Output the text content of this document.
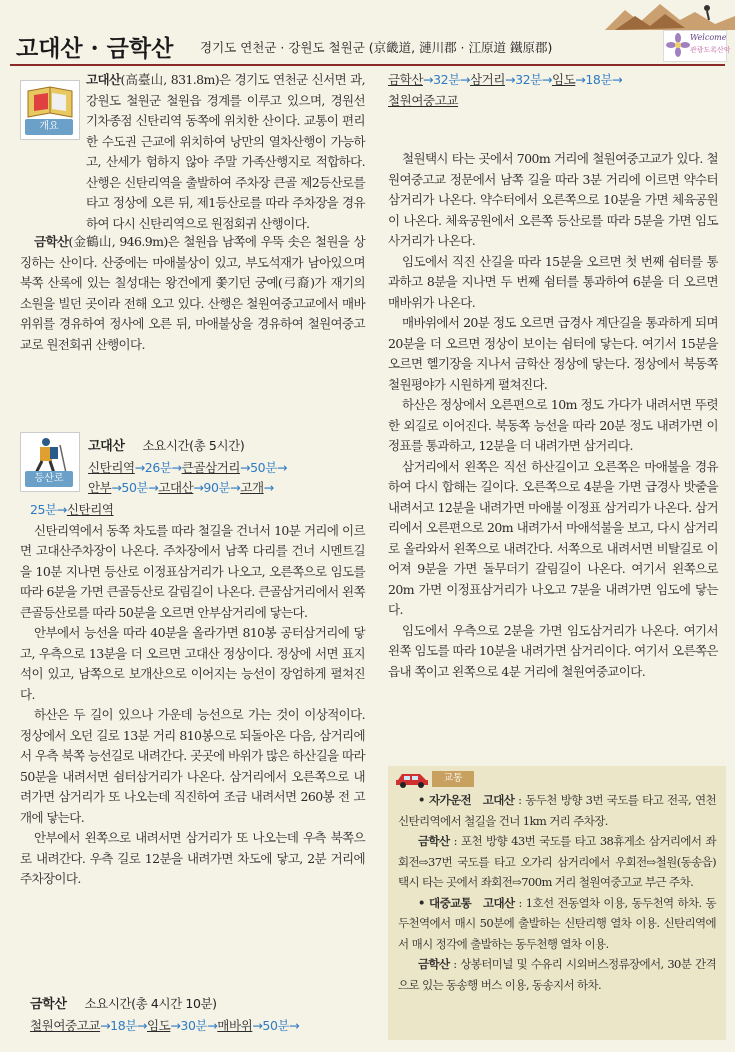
고대산 · 금학산 경기도 연천군 · 강원도 철원군 (京畿道, 漣川郡 · 江原道 鐵原郡)
Welcome
관광도록산악
개요

고대산(高臺山, 831.8m)은 경기도 연천군 신서면 과, 강원도 철원군 철원읍 경계를 이루고 있으며, 경원선 기차종점 신탄리역 동쪽에 위치한 산이다. 교통이 편리한 수도권 근교에 위치하여 낭만의 열차산행이 가능하고, 산세가 험하지 않아 주말 가족산행지로 적합하다. 산행은 신탄리역을 출발하여 주차장 큰골 제2등산로를 타고 정상에 오른 뒤, 제1등산로를 따라 주차장을 경유하여 다시 신탄리역으로 원점회귀 산행이다.

금학산(金鶴山, 946.9m)은 철원읍 남쪽에 우뚝 솟은 철원을 상징하는 산이다. 산중에는 마애불상이 있고, 부도석재가 남아있으며 북쪽 산록에 있는 칠성대는 왕건에게 쫓기던 궁예(弓裔)가 재기의 소원을 빌던 곳이라 전해 오고 있다. 산행은 철원여중고교에서 매바위위를 경유하여 정사에 오른 뒤, 마애불상을 경유하여 철원여중고교로 원전회귀 산행이다.

등산로
고대산 소요시간(총 5시간)
신탄리역→26분→큰골삼거리→50분→
안부→50분→고대산→90분→고개→
25분→신탄리역

신탄리역에서 동쪽 차도를 따라 철길을 건너서 10분 거리에 이르면 고대산주차장이 나온다. 주차장에서 남쪽 다리를 건너 시멘트길을 10분 지나면 등산로 이정표삼거리가 나오고, 오른쪽으로 임도를 따라 6분을 가면 큰골등산로 갈림길이 나온다. 큰골삼거리에서 왼쪽 큰골등산로를 따라 50분을 오르면 안부삼거리에 닿는다.

안부에서 능선을 따라 40분을 올라가면 810봉 공터삼거리에 닿고, 우측으로 13분을 더 오르면 고대산 정상이다. 정상에 서면 표지석이 있고, 남쪽으로 보개산으로 이어지는 능선이 장엄하게 펼쳐진다.

하산은 두 길이 있으나 가운데 능선으로 가는 것이 이상적이다. 정상에서 오던 길로 13분 거리 810봉으로 되돌아온 다음, 삼거리에서 우측 북쪽 능선길로 내려간다. 곳곳에 바위가 많은 하산길을 따라 50분을 내려서면 쉼터삼거리가 나온다. 삼거리에서 오른쪽으로 내려가면 삼거리가 또 나오는데 직진하여 조금 내려서면 260봉 전 고개에 닿는다.

안부에서 왼쪽으로 내려서면 삼거리가 또 나오는데 우측 북쪽으로 내려간다. 우측 길로 12분을 내려가면 차도에 닿고, 2분 거리에 주차장이다.

금학산 소요시간(총 4시간 10분)
철원여중고교→18분→임도→30분→매바위→50분→
금학산→32분→삼거리→32분→임도→18분→
철원여중고교

철원택시 타는 곳에서 700m 거리에 철원여중고교가 있다. 철원여중고교 정문에서 남쪽 길을 따라 3분 거리에 이르면 약수터삼거리가 나온다. 약수터에서 오른쪽으로 10분을 가면 체육공원이 나온다. 체육공원에서 오른쪽 등산로를 따라 5분을 가면 임도사거리가 나온다.

임도에서 직진 산길을 따라 15분을 오르면 첫 번째 쉼터를 통과하고 8분을 지나면 두 번째 쉼터를 통과하여 6분을 더 오르면 매바위가 나온다.

매바위에서 20분 정도 오르면 급경사 계단길을 통과하게 되며 20분을 더 오르면 정상이 보이는 쉼터에 닿는다. 여기서 15분을 오르면 헬기장을 지나서 금학산 정상에 닿는다. 정상에서 북동쪽 철원평야가 시원하게 펼쳐진다.

하산은 정상에서 오른편으로 10m 정도 가다가 내려서면 뚜렷한 외길로 이어진다. 북동쪽 능선을 따라 20분 정도 내려가면 이정표를 통과하고, 12분을 더 내려가면 삼거리다.

삼거리에서 왼쪽은 직선 하산길이고 오른쪽은 마애불을 경유하여 다시 합해는 길이다. 오른쪽으로 4분을 가면 급경사 밧줄을 내려서고 12분을 내려가면 마애불 이정표 삼거리가 나온다. 삼거리에서 오른편으로 20m 내려가서 마애석불을 보고, 다시 삼거리로 올라와서 왼쪽으로 내려간다. 서쪽으로 내려서면 비탈길로 이어져 9분을 가면 돌무더기 갈림길이 나온다. 여기서 왼쪽으로 20m 가면 이정표삼거리가 나오고 7분을 내려가면 임도에 닿는다.

임도에서 우측으로 2분을 가면 임도삼거리가 나온다. 여기서 왼쪽 임도를 따라 10분을 내려가면 삼거리이다. 여기서 오른쪽은 읍내 쪽이고 왼쪽으로 4분 거리에 철원여중교이다.

교통

• 자가운전 고대산 : 동두천 방향 3번 국도를 타고 전곡, 연천 신탄리역에서 철길을 건너 1km 거리 주차장.

금학산 : 포천 방향 43번 국도를 타고 38휴게소 삼거리에서 좌회전⇨37번 국도를 타고 오가리 삼거리에서 우회전⇨철원(동송읍) 택시 타는 곳에서 좌회전⇨700m 거리 철원여중고교 부근 주차.

• 대중교통 고대산 : 1호선 전동열차 이용, 동두천역 하차. 동두천역에서 매시 50분에 출발하는 신탄리행 열차 이용. 신탄리역에서 매시 정각에 출발하는 동두천행 열차 이용.

금학산 : 상봉터미널 및 수유리 시외버스정류장에서, 30분 간격으로 있는 동송행 버스 이용, 동송지서 하차.
